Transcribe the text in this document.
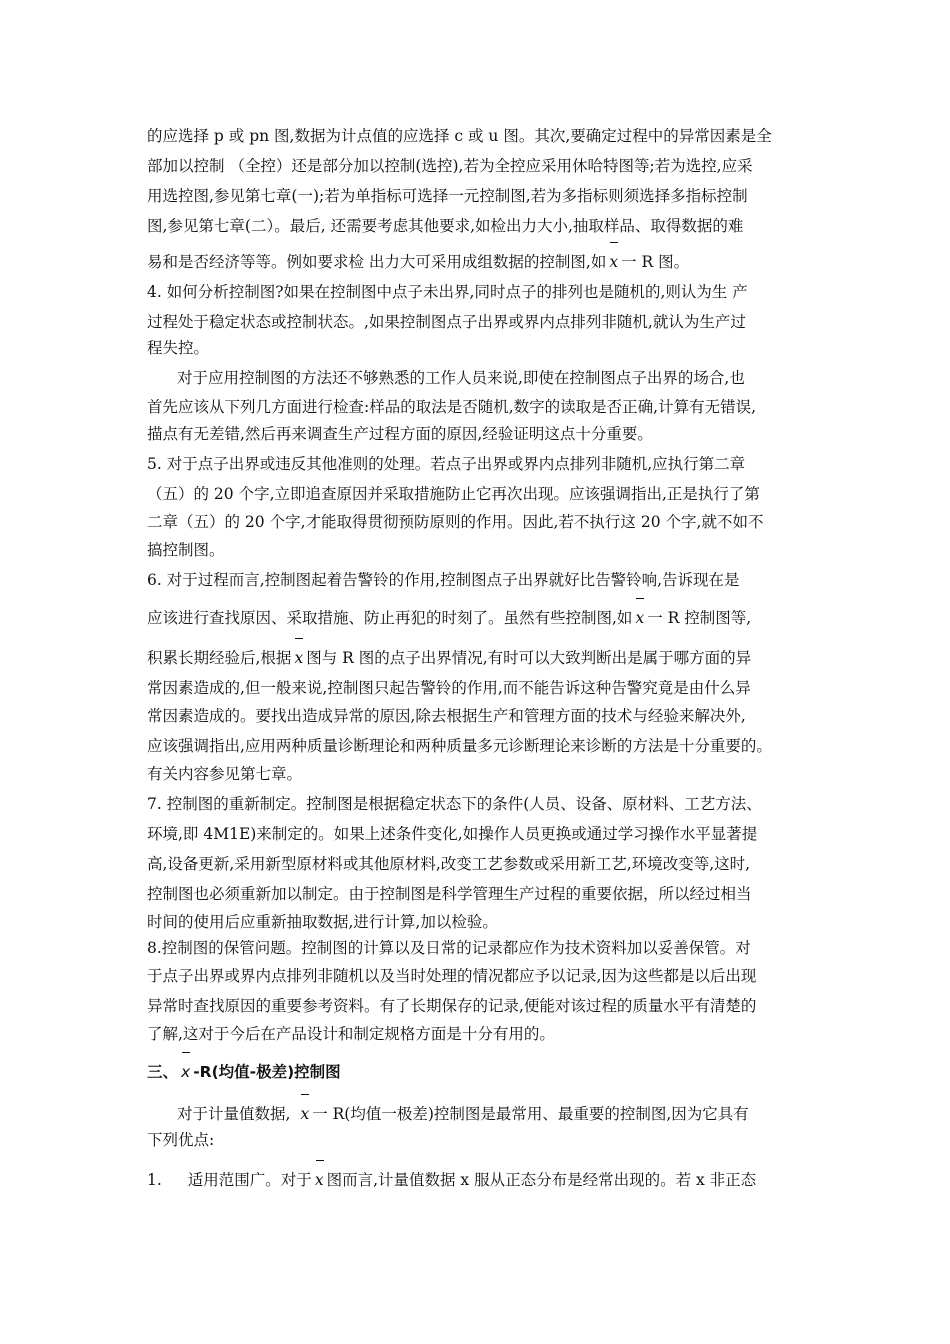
的应选择 p 或 pn 图,数据为计点值的应选择 c 或 u 图。其次,要确定过程中的异常因素是全
部加以控制 （全控）还是部分加以控制(选控),若为全控应采用休哈特图等;若为选控,应采
用选控图,参见第七章(一);若为单指标可选择一元控制图,若为多指标则须选择多指标控制
图,参见第七章(二）。最后, 还需要考虑其他要求,如检出力大小,抽取样品、取得数据的难
易和是否经济等等。例如要求检 出力大可采用成组数据的控制图,如 x 一 R 图。
4. 如何分析控制图?如果在控制图中点子未出界,同时点子的排列也是随机的,则认为生 产
过程处于稳定状态或控制状态。,如果控制图点子出界或界内点排列非随机,就认为生产过
程失控。
对于应用控制图的方法还不够熟悉的工作人员来说,即使在控制图点子出界的场合,也
首先应该从下列几方面进行检查:样品的取法是否随机,数字的读取是否正确,计算有无错误,
描点有无差错,然后再来调查生产过程方面的原因,经验证明这点十分重要。
5. 对于点子出界或违反其他准则的处理。若点子出界或界内点排列非随机,应执行第二章
（五）的 20 个字,立即追查原因并采取措施防止它再次出现。应该强调指出,正是执行了第
二章（五）的 20 个字,才能取得贯彻预防原则的作用。因此,若不执行这 20 个字,就不如不
搞控制图。
6. 对于过程而言,控制图起着告警铃的作用,控制图点子出界就好比告警铃响,告诉现在是
应该进行查找原因、采取措施、防止再犯的时刻了。虽然有些控制图,如 x 一 R 控制图等,
积累长期经验后,根据 x 图与 R 图的点子出界情况,有时可以大致判断出是属于哪方面的异
常因素造成的,但一般来说,控制图只起告警铃的作用,而不能告诉这种告警究竟是由什么异
常因素造成的。要找出造成异常的原因,除去根据生产和管理方面的技术与经验来解决外,
应该强调指出,应用两种质量诊断理论和两种质量多元诊断理论来诊断的方法是十分重要的。
有关内容参见第七章。
7. 控制图的重新制定。控制图是根据稳定状态下的条件(人员、设备、原材料、工艺方法、
环境,即 4M1E)来制定的。如果上述条件变化,如操作人员更换或通过学习操作水平显著提
高,设备更新,采用新型原材料或其他原材料,改变工艺参数或采用新工艺,环境改变等,这时,
控制图也必须重新加以制定。由于控制图是科学管理生产过程的重要依据，所以经过相当
时间的使用后应重新抽取数据,进行计算,加以检验。
8.控制图的保管问题。控制图的计算以及日常的记录都应作为技术资料加以妥善保管。对
于点子出界或界内点排列非随机以及当时处理的情况都应予以记录,因为这些都是以后出现
异常时查找原因的重要参考资料。有了长期保存的记录,便能对该过程的质量水平有清楚的
了解,这对于今后在产品设计和制定规格方面是十分有用的。
三、 x -R(均值-极差)控制图
对于计量值数据, x 一 R(均值一极差)控制图是最常用、最重要的控制图,因为它具有
下列优点:
1. 适用范围广。对于 x 图而言,计量值数据 x 服从正态分布是经常出现的。若 x 非正态
